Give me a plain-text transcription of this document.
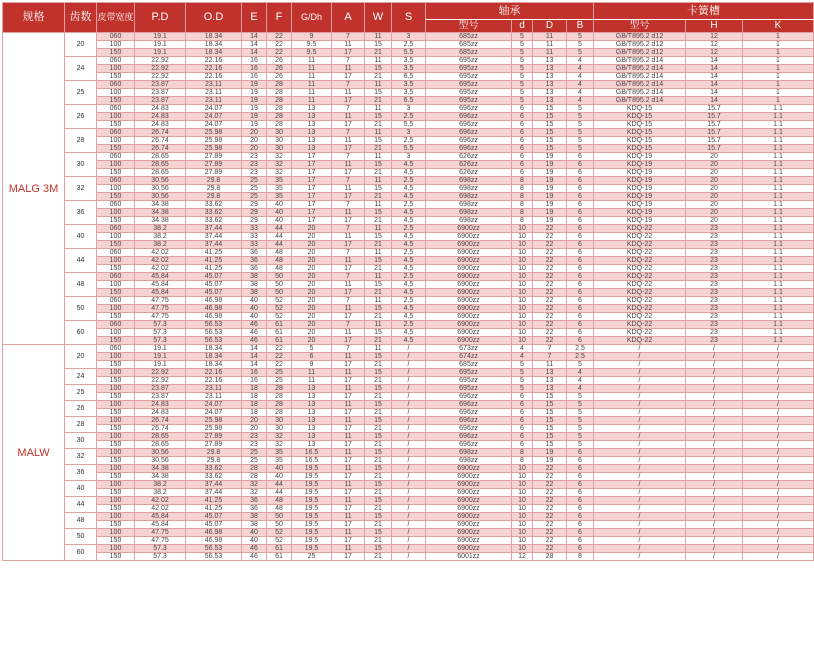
规格	齿数	皮带宽度	P.D	O.D	E	F	G/Dh	A	W	S	轴承				卡簧槽		
											型号	d	D	B	型号	H	K
MALG 3M	20	060	19.1	18.34	14	22	9	7	11	3	685zz	5	11	5	GB/T895.2 d12	12	1
		100	19.1	18.34	14	22	9.5	11	15	2.5	685zz	5	11	5	GB/T895.2 d12	12	1
		150	19.1	18.34	14	22	9.5	17	21	5.5	685zz	5	11	5	GB/T895.2 d12	12	1
	24	060	22.92	22.16	16	26	11	7	11	3.5	695zz	5	13	4	GB/T895.2 d14	14	1
		100	22.92	22.16	16	26	11	11	15	3.5	695zz	5	13	4	GB/T895.2 d14	14	1
		150	22.92	22.16	16	26	11	17	21	6.5	695zz	5	13	4	GB/T895.2 d14	14	1
	25	060	23.87	23.11	19	28	11	7	11	3.5	695zz	5	13	4	GB/T895.2 d14	14	1
		100	23.87	23.11	19	28	11	11	15	3.5	695zz	5	13	4	GB/T895.2 d14	14	1
		150	23.87	23.11	19	28	11	17	21	6.5	695zz	5	13	4	GB/T895.2 d14	14	1
	26	060	24.83	24.07	19	28	13	7	11	3	696zz	6	15	5	KDQ-15	15.7	1.1
		100	24.83	24.07	19	28	13	11	15	2.5	696zz	6	15	5	KDQ-15	15.7	1.1
		150	24.83	24.07	19	28	13	17	21	5.5	696zz	6	15	5	KDQ-15	15.7	1.1
	28	060	26.74	25.98	20	30	13	7	11	3	696zz	6	15	5	KDQ-15	15.7	1.1
		100	26.74	25.98	20	30	13	11	15	2.5	696zz	6	15	5	KDQ-15	15.7	1.1
		150	26.74	25.98	20	30	13	17	21	5.5	696zz	6	15	5	KDQ-15	15.7	1.1
	30	060	28.65	27.89	23	32	17	7	11	3	626zz	6	19	6	KDQ-19	20	1.1
		100	28.65	27.89	23	32	17	11	15	4.5	626zz	6	19	6	KDQ-19	20	1.1
		150	28.65	27.89	23	32	17	17	21	4.5	626zz	6	19	6	KDQ-19	20	1.1
	32	060	30.56	29.8	25	35	17	7	11	2.5	698zz	8	19	6	KDQ-19	20	1.1
		100	30.56	29.8	25	35	17	11	15	4.5	698zz	8	19	6	KDQ-19	20	1.1
		150	30.56	29.8	25	35	17	17	21	4.5	698zz	8	19	6	KDQ-19	20	1.1
	36	060	34.38	33.62	29	40	17	7	11	2.5	698zz	8	19	6	KDQ-19	20	1.1
		100	34.38	33.62	29	40	17	11	15	4.5	698zz	8	19	6	KDQ-19	20	1.1
		150	34.38	33.62	29	40	17	17	21	4.5	698zz	8	19	6	KDQ-19	20	1.1
	40	060	38.2	37.44	33	44	20	7	11	2.5	6900zz	10	22	6	KDQ-22	23	1.1
		100	38.2	37.44	33	44	20	11	15	4.5	6900zz	10	22	6	KDQ-22	23	1.1
		150	38.2	37.44	33	44	20	17	21	4.5	6900zz	10	22	6	KDQ-22	23	1.1
	44	060	42.02	41.25	36	48	20	7	11	2.5	6900zz	10	22	6	KDQ-22	23	1.1
		100	42.02	41.25	36	48	20	11	15	4.5	6900zz	10	22	6	KDQ-22	23	1.1
		150	42.02	41.25	36	48	20	17	21	4.5	6900zz	10	22	6	KDQ-22	23	1.1
	48	060	45.84	45.07	38	50	20	7	11	2.5	6900zz	10	22	6	KDQ-22	23	1.1
		100	45.84	45.07	38	50	20	11	15	4.5	6900zz	10	22	6	KDQ-22	23	1.1
		150	45.84	45.07	38	50	20	17	21	4.5	6900zz	10	22	6	KDQ-22	23	1.1
	50	060	47.75	46.98	40	52	20	7	11	2.5	6900zz	10	22	6	KDQ-22	23	1.1
		100	47.75	46.98	40	52	20	11	15	4.5	6900zz	10	22	6	KDQ-22	23	1.1
		150	47.75	46.98	40	52	20	17	21	4.5	6900zz	10	22	6	KDQ-22	23	1.1
	60	060	57.3	56.53	46	61	20	7	11	2.5	6900zz	10	22	6	KDQ-22	23	1.1
		100	57.3	56.53	46	61	20	11	15	4.5	6900zz	10	22	6	KDQ-22	23	1.1
		150	57.3	56.53	46	61	20	17	21	4.5	6900zz	10	22	6	KDQ-22	23	1.1
MALW	20	060	19.1	18.34	14	22	5	7	11	/	673zz	4	7	2.5	/	/	/
		100	19.1	18.34	14	22	6	11	15	/	674zz	4	7	2.5	/	/	/
		150	19.1	18.34	14	22	9	17	21	/	685zz	5	11	5	/	/	/
	24	100	22.92	22.16	16	25	11	11	15	/	695zz	5	13	4	/	/	/
		150	22.92	22.16	16	25	11	17	21	/	695zz	5	13	4	/	/	/
	25	100	23.87	23.11	18	28	13	11	15	/	695zz	5	13	4	/	/	/
		150	23.87	23.11	18	28	13	17	21	/	696zz	6	15	5	/	/	/
	26	100	24.83	24.07	18	28	13	11	15	/	696zz	6	15	5	/	/	/
		150	24.83	24.07	18	28	13	17	21	/	696zz	6	15	5	/	/	/
	28	100	26.74	25.98	20	30	13	11	15	/	696zz	6	15	5	/	/	/
		150	26.74	25.98	20	30	13	17	21	/	696zz	6	15	5	/	/	/
	30	100	28.65	27.89	23	32	13	11	15	/	696zz	6	15	5	/	/	/
		150	28.65	27.89	23	32	13	17	21	/	696zz	6	15	5	/	/	/
	32	100	30.56	29.8	25	35	16.5	11	15	/	698zz	8	19	6	/	/	/
		150	30.56	29.8	25	35	16.5	17	21	/	698zz	8	19	6	/	/	/
	36	100	34.38	33.62	28	40	19.5	11	15	/	6900zz	10	22	6	/	/	/
		150	34.38	33.62	28	40	19.5	17	21	/	6900zz	10	22	6	/	/	/
	40	100	38.2	37.44	32	44	19.5	11	15	/	6900zz	10	22	6	/	/	/
		150	38.2	37.44	32	44	19.5	17	21	/	6900zz	10	22	6	/	/	/
	44	100	42.02	41.25	36	48	19.5	11	15	/	6900zz	10	22	6	/	/	/
		150	42.02	41.25	36	48	19.5	17	21	/	6900zz	10	22	6	/	/	/
	48	100	45.84	45.07	38	50	19.5	11	15	/	6900zz	10	22	6	/	/	/
		150	45.84	45.07	38	50	19.5	17	21	/	6900zz	10	22	6	/	/	/
	50	100	47.75	46.98	40	52	19.5	11	15	/	6900zz	10	22	6	/	/	/
		150	47.75	46.98	40	52	19.5	17	21	/	6900zz	10	22	6	/	/	/
	60	100	57.3	56.53	46	61	19.5	11	15	/	6900zz	10	22	6	/	/	/
		150	57.3	56.53	46	61	25	17	21	/	6001zz	12	28	8	/	/	/
